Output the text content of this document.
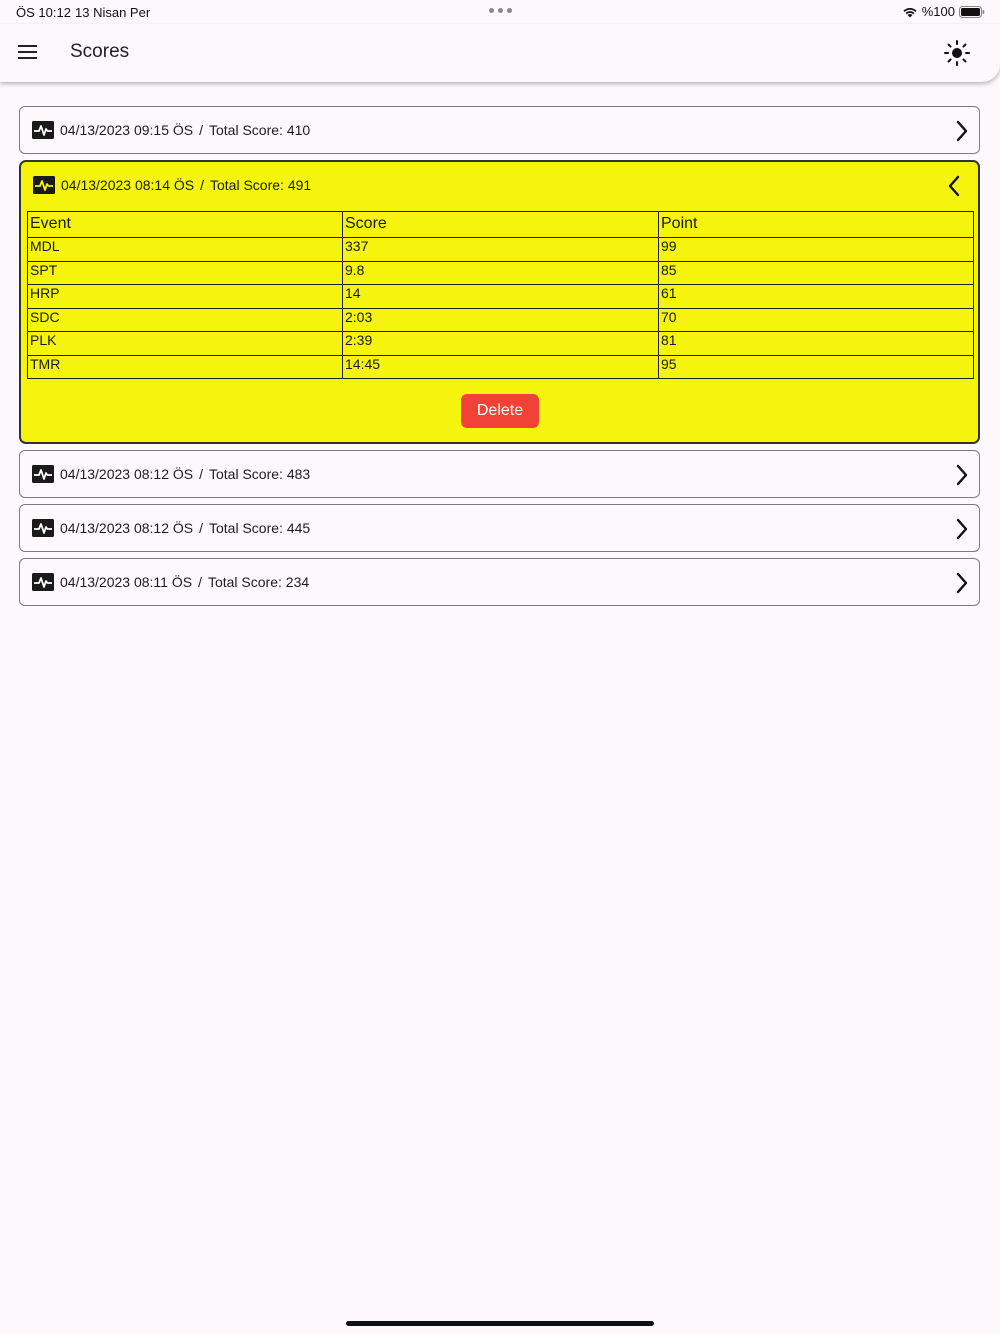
ÖS 10:12 13 Nisan Per	%100
Scores
04/13/2023 09:15 ÖS / Total Score: 410
04/13/2023 08:14 ÖS / Total Score: 491
Event	Score	Point
MDL	337	99
SPT	9.8	85
HRP	14	61
SDC	2:03	70
PLK	2:39	81
TMR	14:45	95
Delete
04/13/2023 08:12 ÖS / Total Score: 483
04/13/2023 08:12 ÖS / Total Score: 445
04/13/2023 08:11 ÖS / Total Score: 234
